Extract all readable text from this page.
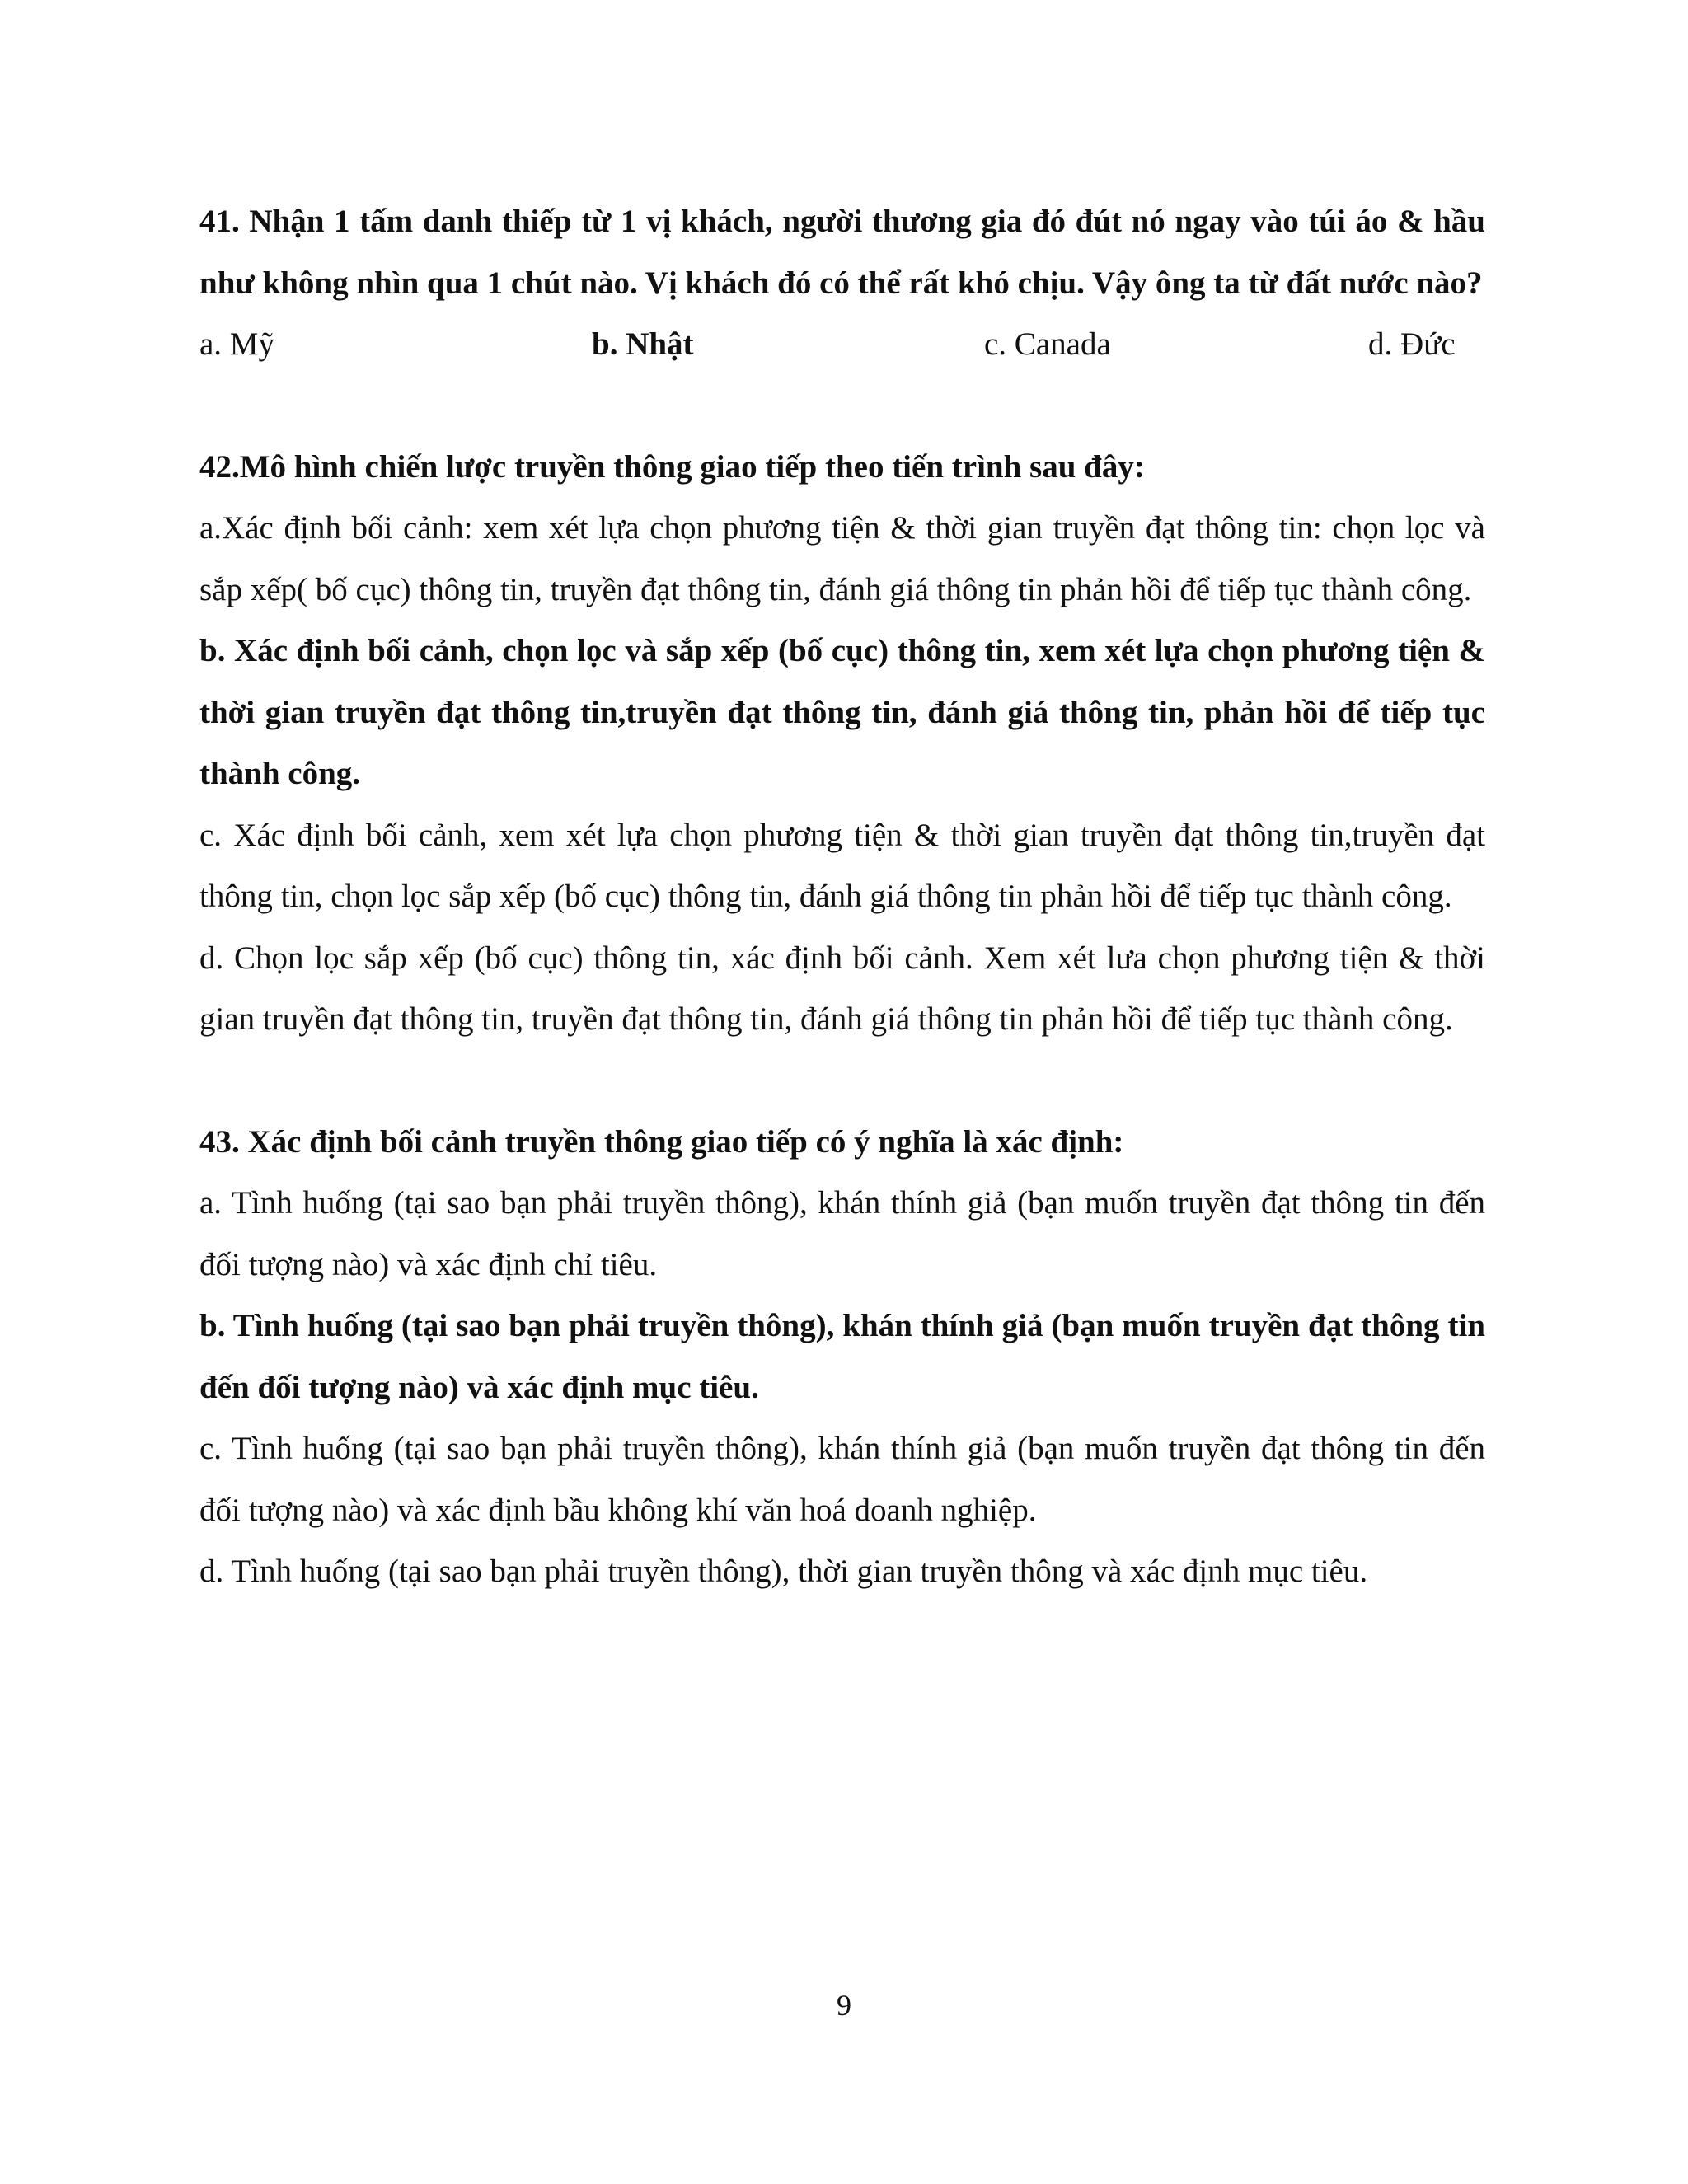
41. Nhận 1 tấm danh thiếp từ 1 vị khách, người thương gia đó đút nó ngay vào túi áo & hầu như không nhìn qua 1 chút nào. Vị khách đó có thể rất khó chịu. Vậy ông ta từ đất nước nào?

a. Mỹ	b. Nhật	c. Canada	d. Đức

42.Mô hình chiến lược truyền thông giao tiếp theo tiến trình sau đây:

a.Xác định bối cảnh: xem xét lựa chọn phương tiện & thời gian truyền đạt thông tin: chọn lọc và sắp xếp( bố cục) thông tin, truyền đạt thông tin, đánh giá thông tin phản hồi để tiếp tục thành công.

b. Xác định bối cảnh, chọn lọc và sắp xếp (bố cục) thông tin, xem xét lựa chọn phương tiện & thời gian truyền đạt thông tin,truyền đạt thông tin, đánh giá thông tin, phản hồi để tiếp tục thành công.

c. Xác định bối cảnh, xem xét lựa chọn phương tiện & thời gian truyền đạt thông tin,truyền đạt thông tin, chọn lọc sắp xếp (bố cục) thông tin, đánh giá thông tin phản hồi để tiếp tục thành công.

d. Chọn lọc sắp xếp (bố cục) thông tin, xác định bối cảnh. Xem xét lưa chọn phương tiện & thời gian truyền đạt thông tin, truyền đạt thông tin, đánh giá thông tin phản hồi để tiếp tục thành công.

43. Xác định bối cảnh truyền thông giao tiếp có ý nghĩa là xác định:

a. Tình huống (tại sao bạn phải truyền thông), khán thính giả (bạn muốn truyền đạt thông tin đến đối tượng nào) và xác định chỉ tiêu.

b. Tình huống (tại sao bạn phải truyền thông), khán thính giả (bạn muốn truyền đạt thông tin đến đối tượng nào) và xác định mục tiêu.

c. Tình huống (tại sao bạn phải truyền thông), khán thính giả (bạn muốn truyền đạt thông tin đến đối tượng nào) và xác định bầu không khí văn hoá doanh nghiệp.

d. Tình huống (tại sao bạn phải truyền thông), thời gian truyền thông và xác định mục tiêu.

9
